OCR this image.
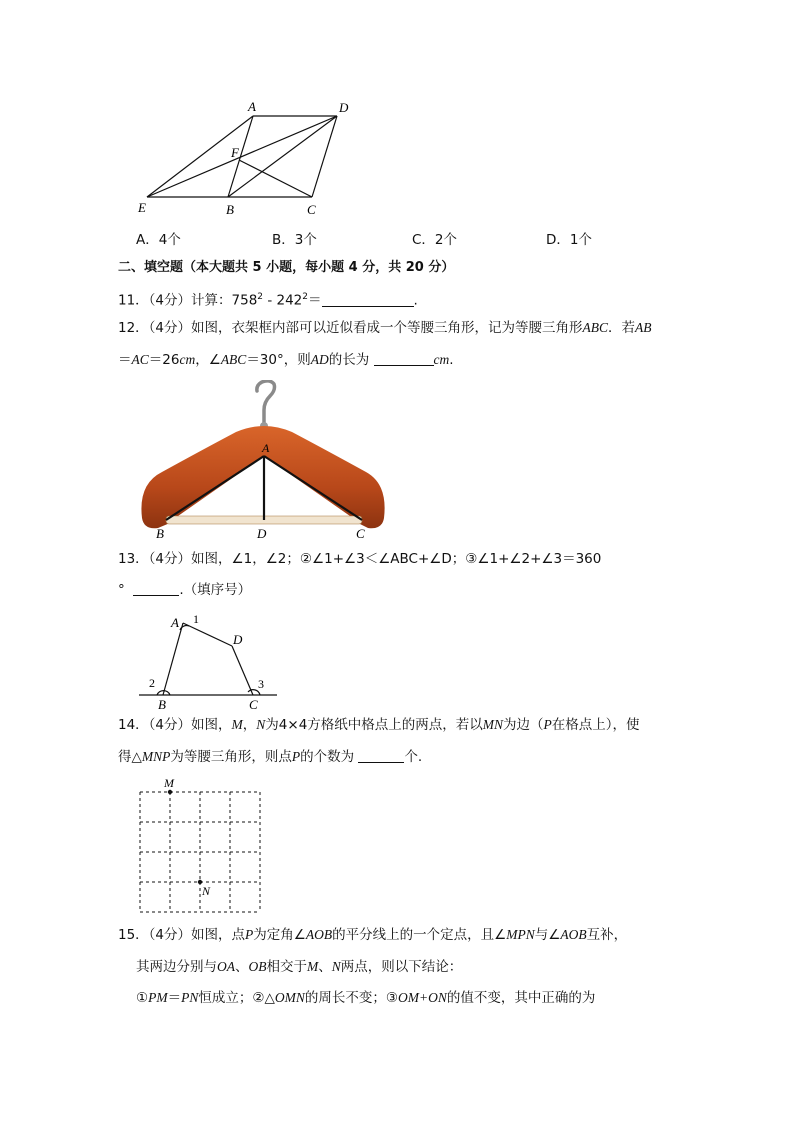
A	D
F
E	B	C
A．4个	B．3个	C．2个	D．1个
二、填空题（本大题共 5 小题，每小题 4 分，共 20 分）
11．（4分）计算：$758^2 - 242^2=$	.
12．（4分）如图，衣架框内部可以近似看成一个等腰三角形，记为等腰三角形ABC．若AB
＝AC＝26cm，∠ABC＝30°，则AD的长为	cm.
A
B	D	C
13．（4分）如图，∠1，∠2；②∠1+∠3＜∠ABC+∠D；③∠1+∠2+∠3＝360
°	.（填序号）
A 1
D
2	3
B	C
14．（4分）如图，M，N为4×4方格纸中格点上的两点，若以MN为边（P在格点上），使
得△MNP为等腰三角形，则点P的个数为	个.
M
N
15．（4分）如图，点P为定角∠AOB的平分线上的一个定点，且∠MPN与∠AOB互补，
其两边分别与OA、OB相交于M、N两点，则以下结论：
①PM＝PN恒成立；②△OMN的周长不变；③OM+ON的值不变，其中正确的为
